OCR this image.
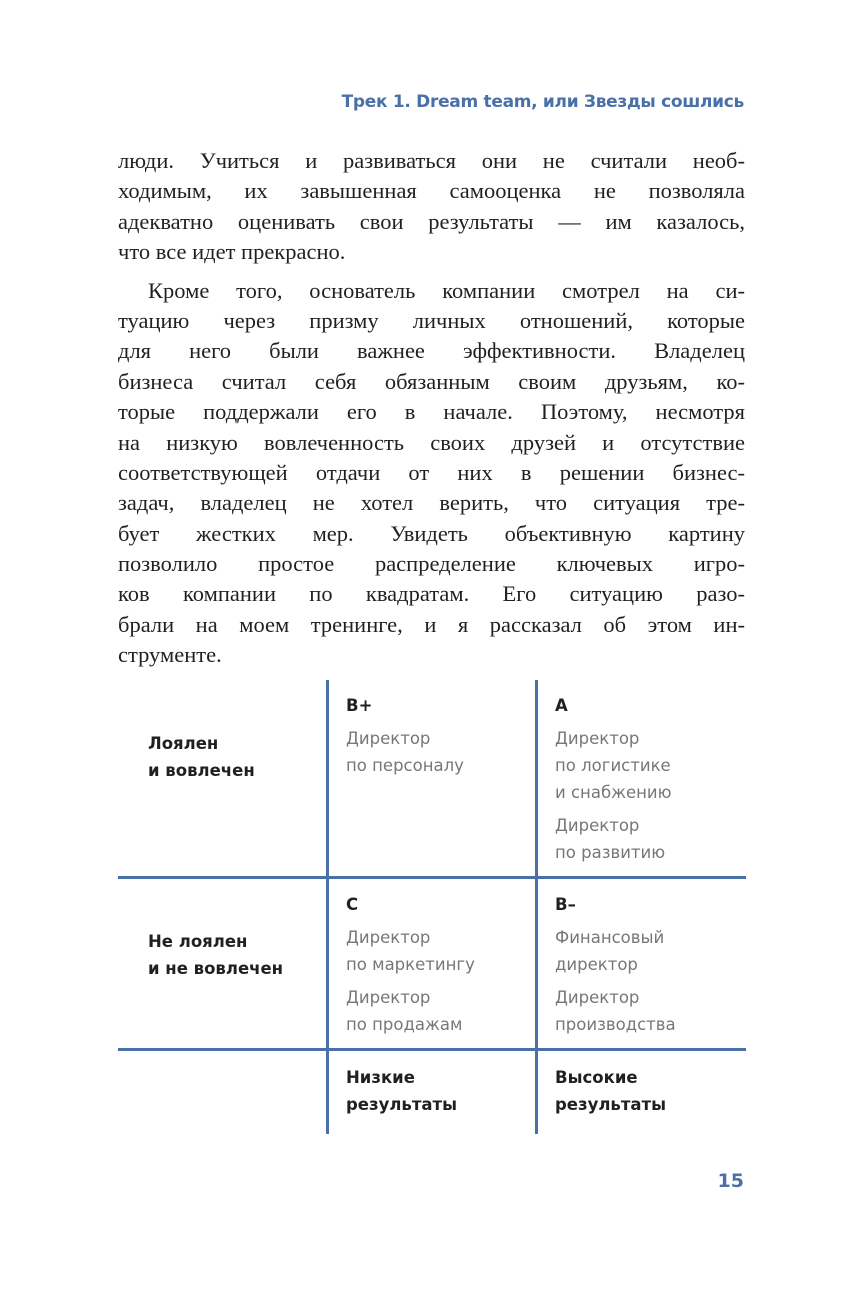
Трек 1. Dream team, или Звезды сошлись
люди. Учиться и развиваться они не считали необ-
ходимым, их завышенная самооценка не позволяла
адекватно оценивать свои результаты — им казалось,
что все идет прекрасно.
Кроме того, основатель компании смотрел на си-
туацию через призму личных отношений, которые
для него были важнее эффективности. Владелец
бизнеса считал себя обязанным своим друзьям, ко-
торые поддержали его в начале. Поэтому, несмотря
на низкую вовлеченность своих друзей и отсутствие
соответствующей отдачи от них в решении бизнес-
задач, владелец не хотел верить, что ситуация тре-
бует жестких мер. Увидеть объективную картину
позволило простое распределение ключевых игро-
ков компании по квадратам. Его ситуацию разо-
брали на моем тренинге, и я рассказал об этом ин-
струменте.
Лоялен
и вовлечен
Не лоялен
и не вовлечен
B+
Директор
по персоналу
A
Директор
по логистике
и снабжению
Директор
по развитию
C
Директор
по маркетингу
Директор
по продажам
B–
Финансовый
директор
Директор
производства
Низкие
результаты
Высокие
результаты
15
